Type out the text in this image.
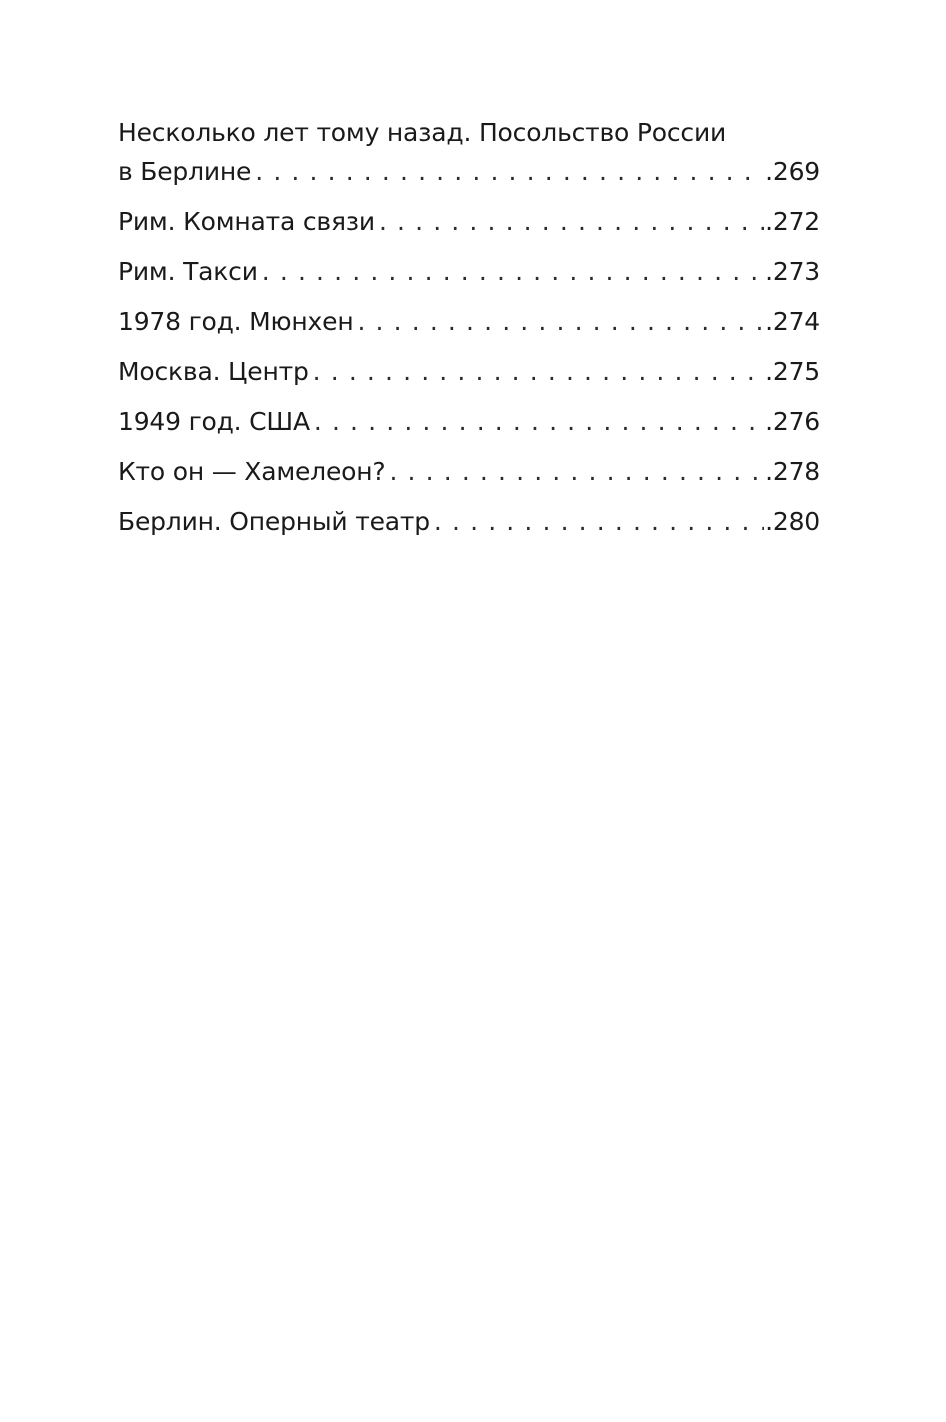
Несколько лет тому назад. Посольство России
в Берлине . . .	.269
Рим. Комната связи . . .	.272
Рим. Такси . . .	.273
1978 год. Мюнхен . . .	.274
Москва. Центр . . .	.275
1949 год. США . . .	.276
Кто он — Хамелеон? . . .	.278
Берлин. Оперный театр . . .	.280
